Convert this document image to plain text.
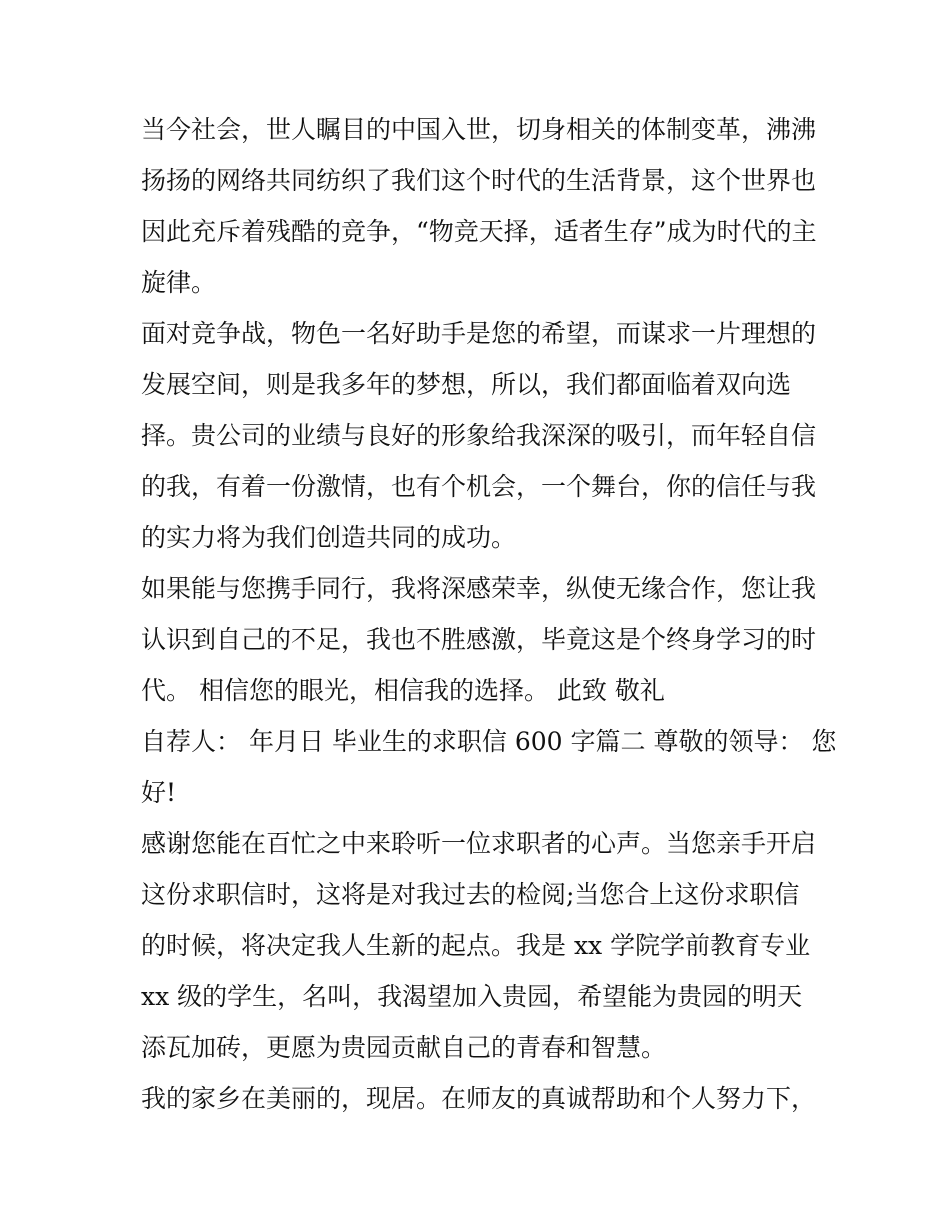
当今社会，世人瞩目的中国入世，切身相关的体制变革，沸沸
扬扬的网络共同纺织了我们这个时代的生活背景，这个世界也
因此充斥着残酷的竞争，“物竞天择，适者生存”成为时代的主
旋律。
面对竞争战，物色一名好助手是您的希望，而谋求一片理想的
发展空间，则是我多年的梦想，所以，我们都面临着双向选
择。贵公司的业绩与良好的形象给我深深的吸引，而年轻自信
的我，有着一份激情，也有个机会，一个舞台，你的信任与我
的实力将为我们创造共同的成功。
如果能与您携手同行，我将深感荣幸，纵使无缘合作，您让我
认识到自己的不足，我也不胜感激，毕竟这是个终身学习的时
代。 相信您的眼光，相信我的选择。 此致 敬礼
自荐人： 年月日 毕业生的求职信 600 字篇二 尊敬的领导： 您
好!
感谢您能在百忙之中来聆听一位求职者的心声。当您亲手开启
这份求职信时，这将是对我过去的检阅;当您合上这份求职信
的时候，将决定我人生新的起点。我是 xx 学院学前教育专业
xx 级的学生，名叫，我渴望加入贵园，希望能为贵园的明天
添瓦加砖，更愿为贵园贡献自己的青春和智慧。
我的家乡在美丽的，现居。在师友的真诚帮助和个人努力下，
